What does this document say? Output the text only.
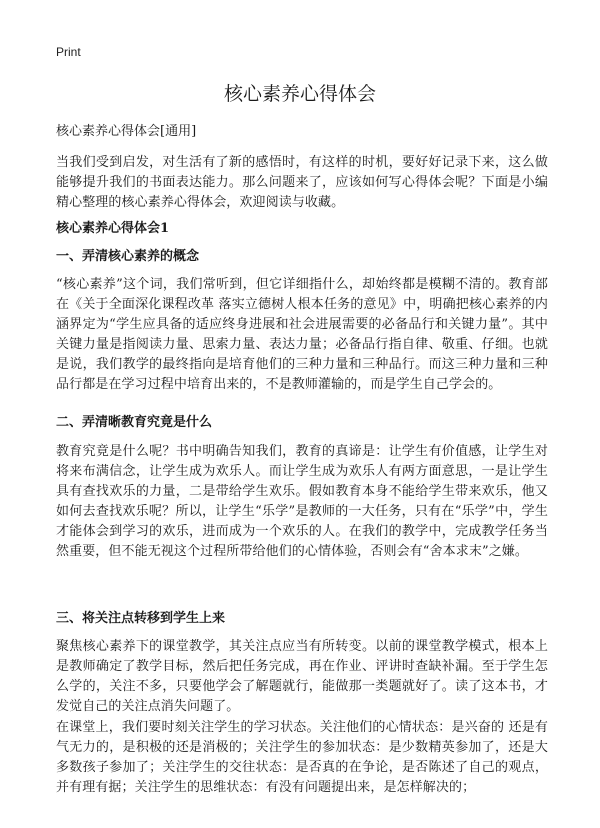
Print
核心素养心得体会
核心素养心得体会[通用]

当我们受到启发，对生活有了新的感悟时，有这样的时机，要好好记录下来，这么做能够提升我们的书面表达能力。那么问题来了，应该如何写心得体会呢？下面是小编精心整理的核心素养心得体会，欢迎阅读与收藏。

核心素养心得体会1
一、弄清核心素养的概念

“核心素养”这个词，我们常听到，但它详细指什么，却始终都是模糊不清的。教育部在《关于全面深化课程改革 落实立德树人根本任务的意见》中，明确把核心素养的内涵界定为“学生应具备的适应终身进展和社会进展需要的必备品行和关键力量”。其中关键力量是指阅读力量、思索力量、表达力量；必备品行指自律、敬重、仔细。也就是说，我们教学的最终指向是培育他们的三种力量和三种品行。而这三种力量和三种品行都是在学习过程中培育出来的，不是教师灌输的，而是学生自己学会的。

二、弄清晰教育究竟是什么

教育究竟是什么呢？书中明确告知我们，教育的真谛是：让学生有价值感，让学生对将来布满信念，让学生成为欢乐人。而让学生成为欢乐人有两方面意思，一是让学生具有查找欢乐的力量，二是带给学生欢乐。假如教育本身不能给学生带来欢乐，他又如何去查找欢乐呢？所以，让学生“乐学”是教师的一大任务，只有在“乐学”中，学生才能体会到学习的欢乐，进而成为一个欢乐的人。在我们的教学中，完成教学任务当然重要，但不能无视这个过程所带给他们的心情体验，否则会有“舍本求末”之嫌。

三、将关注点转移到学生上来

聚焦核心素养下的课堂教学，其关注点应当有所转变。以前的课堂教学模式，根本上是教师确定了教学目标，然后把任务完成，再在作业、评讲时查缺补漏。至于学生怎么学的，关注不多，只要他学会了解题就行，能做那一类题就好了。读了这本书，才发觉自己的关注点消失问题了。

在课堂上，我们要时刻关注学生的学习状态。关注他们的心情状态：是兴奋的 还是有气无力的，是积极的还是消极的；关注学生的参加状态：是少数精英参加了，还是大多数孩子参加了；关注学生的交往状态：是否真的在争论，是否陈述了自己的观点，并有理有据；关注学生的思维状态：有没有问题提出来，是怎样解决的；
